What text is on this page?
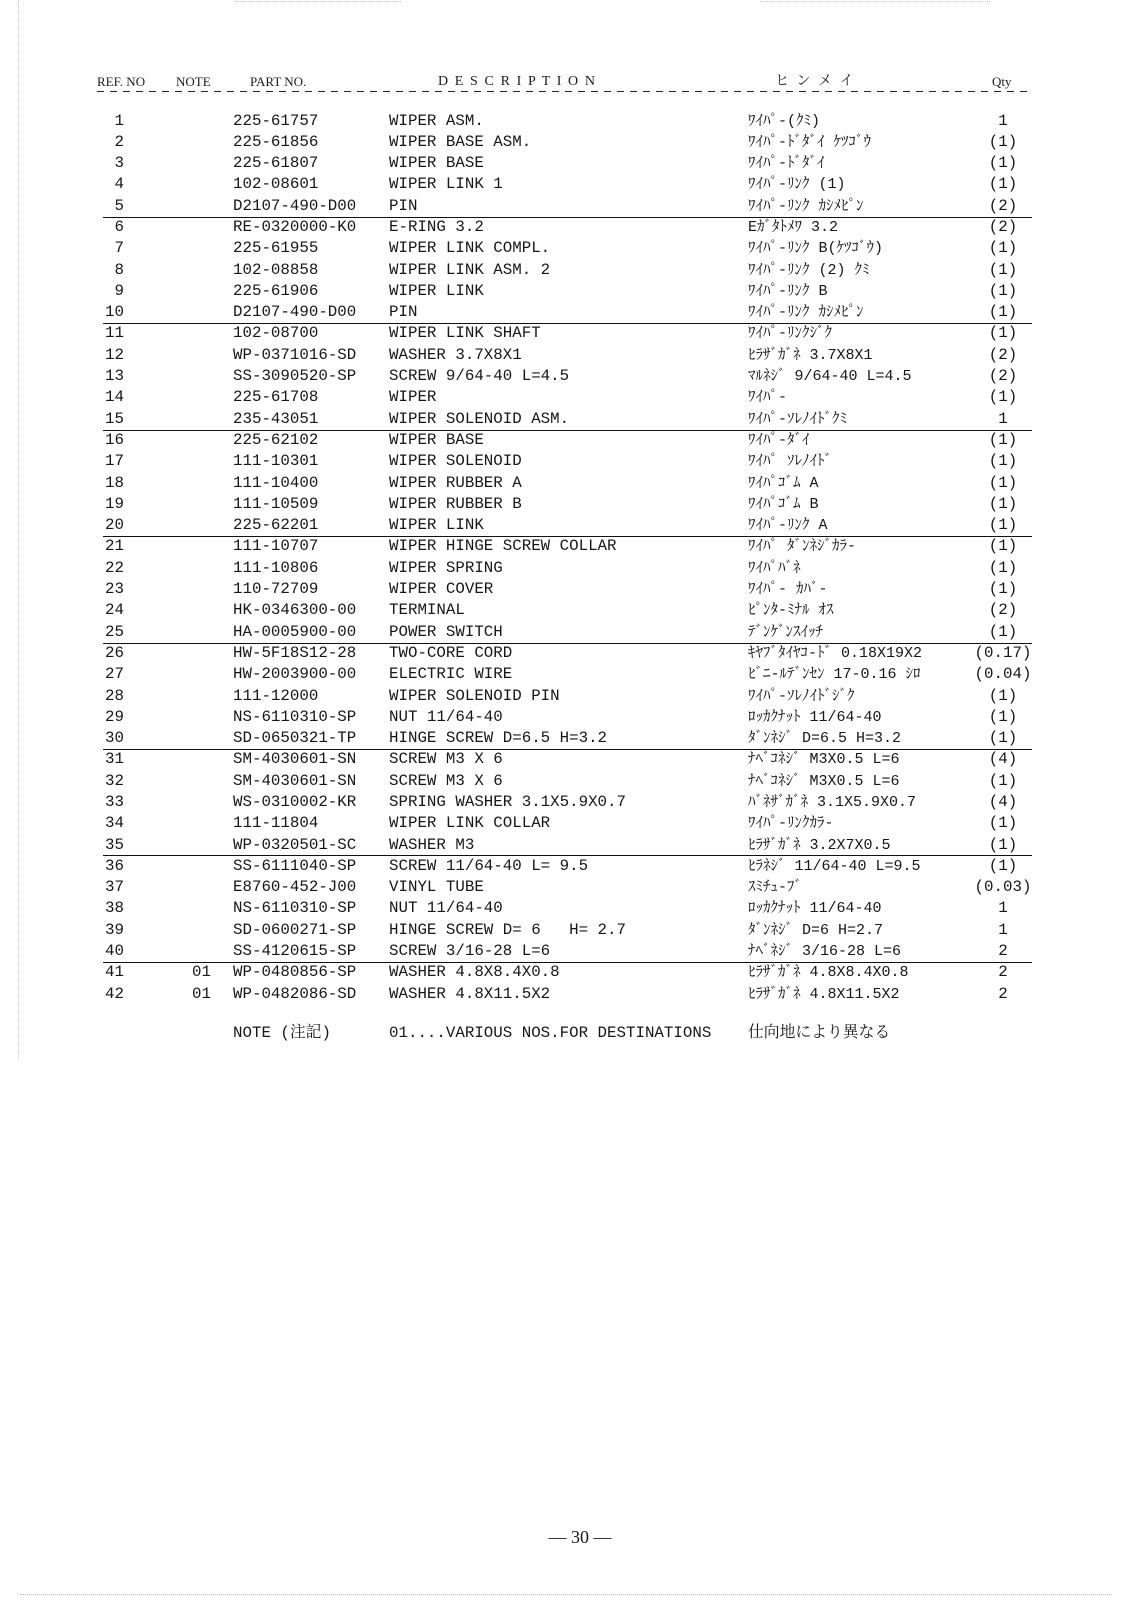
REF. NO NOTE	PART NO.	D E S C R I P T I O N	ヒ ン メ イ	Qty
1	225-61757	WIPER ASM.	ﾜｲﾊﾟ-(ｸﾐ)	1
2	225-61856	WIPER BASE ASM.	ﾜｲﾊﾟ-ﾄﾞﾀﾞｲ ｹﾂｺﾞｳ	(1)
3	225-61807	WIPER BASE	ﾜｲﾊﾟ-ﾄﾞﾀﾞｲ	(1)
4	102-08601	WIPER LINK 1	ﾜｲﾊﾟ-ﾘﾝｸ (1)	(1)
5	D2107-490-D00 PIN	ﾜｲﾊﾟ-ﾘﾝｸ ｶｼﾒﾋﾟﾝ	(2)
6	RE-0320000-K0 E-RING 3.2	Eｶﾞﾀﾄﾒﾜ 3.2	(2)
7	225-61955	WIPER LINK COMPL.	ﾜｲﾊﾟ-ﾘﾝｸ B(ｹﾂｺﾞｳ)	(1)
8	102-08858	WIPER LINK ASM. 2	ﾜｲﾊﾟ-ﾘﾝｸ (2) ｸﾐ	(1)
9	225-61906	WIPER LINK	ﾜｲﾊﾟ-ﾘﾝｸ B	(1)
10	D2107-490-D00 PIN	ﾜｲﾊﾟ-ﾘﾝｸ ｶｼﾒﾋﾟﾝ	(1)
11	102-08700	WIPER LINK SHAFT	ﾜｲﾊﾟ-ﾘﾝｸｼﾞｸ	(1)
12	WP-0371016-SD WASHER 3.7X8X1	ﾋﾗｻﾞｶﾞﾈ 3.7X8X1	(2)
13	SS-3090520-SP SCREW 9/64-40 L=4.5	ﾏﾙﾈｼﾞ 9/64-40 L=4.5	(2)
14	225-61708	WIPER	ﾜｲﾊﾟ-	(1)
15	235-43051	WIPER SOLENOID ASM.	ﾜｲﾊﾟ-ｿﾚﾉｲﾄﾞｸﾐ	1
16	225-62102	WIPER BASE	ﾜｲﾊﾟ-ﾀﾞｲ	(1)
17	111-10301	WIPER SOLENOID	ﾜｲﾊﾟ ｿﾚﾉｲﾄﾞ	(1)
18	111-10400	WIPER RUBBER A	ﾜｲﾊﾟｺﾞﾑ A	(1)
19	111-10509	WIPER RUBBER B	ﾜｲﾊﾟｺﾞﾑ B	(1)
20	225-62201	WIPER LINK	ﾜｲﾊﾟ-ﾘﾝｸ A	(1)
21	111-10707	WIPER HINGE SCREW COLLAR	ﾜｲﾊﾟ ﾀﾞﾝﾈｼﾞｶﾗ-	(1)
22	111-10806	WIPER SPRING	ﾜｲﾊﾟﾊﾞﾈ	(1)
23	110-72709	WIPER COVER	ﾜｲﾊﾟ- ｶﾊﾞ-	(1)
24	HK-0346300-00 TERMINAL	ﾋﾟﾝﾀ-ﾐﾅﾙ ｵｽ	(2)
25	HA-0005900-00 POWER SWITCH	ﾃﾞﾝｹﾞﾝｽｲｯﾁ	(1)
26	HW-5F18S12-28 TWO-CORE CORD	ｷﾔﾌﾞﾀｲﾔｺ-ﾄﾞ 0.18X19X2	(0.17)
27	HW-2003900-00 ELECTRIC WIRE	ﾋﾞﾆ-ﾙﾃﾞﾝｾﾝ 17-0.16 ｼﾛ	(0.04)
28	111-12000	WIPER SOLENOID PIN	ﾜｲﾊﾟ-ｿﾚﾉｲﾄﾞｼﾞｸ	(1)
29	NS-6110310-SP NUT 11/64-40	ﾛｯｶｸﾅｯﾄ 11/64-40	(1)
30	SD-0650321-TP HINGE SCREW D=6.5 H=3.2	ﾀﾞﾝﾈｼﾞ D=6.5 H=3.2	(1)
31	SM-4030601-SN SCREW M3 X 6	ﾅﾍﾞｺﾈｼﾞ M3X0.5 L=6	(4)
32	SM-4030601-SN SCREW M3 X 6	ﾅﾍﾞｺﾈｼﾞ M3X0.5 L=6	(1)
33	WS-0310002-KR SPRING WASHER 3.1X5.9X0.7	ﾊﾞﾈｻﾞｶﾞﾈ 3.1X5.9X0.7	(4)
34	111-11804	WIPER LINK COLLAR	ﾜｲﾊﾟ-ﾘﾝｸｶﾗ-	(1)
35	WP-0320501-SC WASHER M3	ﾋﾗｻﾞｶﾞﾈ 3.2X7X0.5	(1)
36	SS-6111040-SP SCREW 11/64-40 L= 9.5	ﾋﾗﾈｼﾞ 11/64-40 L=9.5	(1)
37	E8760-452-J00 VINYL TUBE	ｽﾐﾁｭ-ﾌﾞ	(0.03)
38	NS-6110310-SP NUT 11/64-40	ﾛｯｶｸﾅｯﾄ 11/64-40	1
39	SD-0600271-SP HINGE SCREW D= 6   H= 2.7	ﾀﾞﾝﾈｼﾞ D=6 H=2.7	1
40	SS-4120615-SP SCREW 3/16-28 L=6	ﾅﾍﾞﾈｼﾞ 3/16-28 L=6	2
41	01 WP-0480856-SP WASHER 4.8X8.4X0.8	ﾋﾗｻﾞｶﾞﾈ 4.8X8.4X0.8	2
42	01 WP-0482086-SD WASHER 4.8X11.5X2	ﾋﾗｻﾞｶﾞﾈ 4.8X11.5X2	2
NOTE (注記)	01....VARIOUS NOS.FOR DESTINATIONS 仕向地により異なる
— 30 —
